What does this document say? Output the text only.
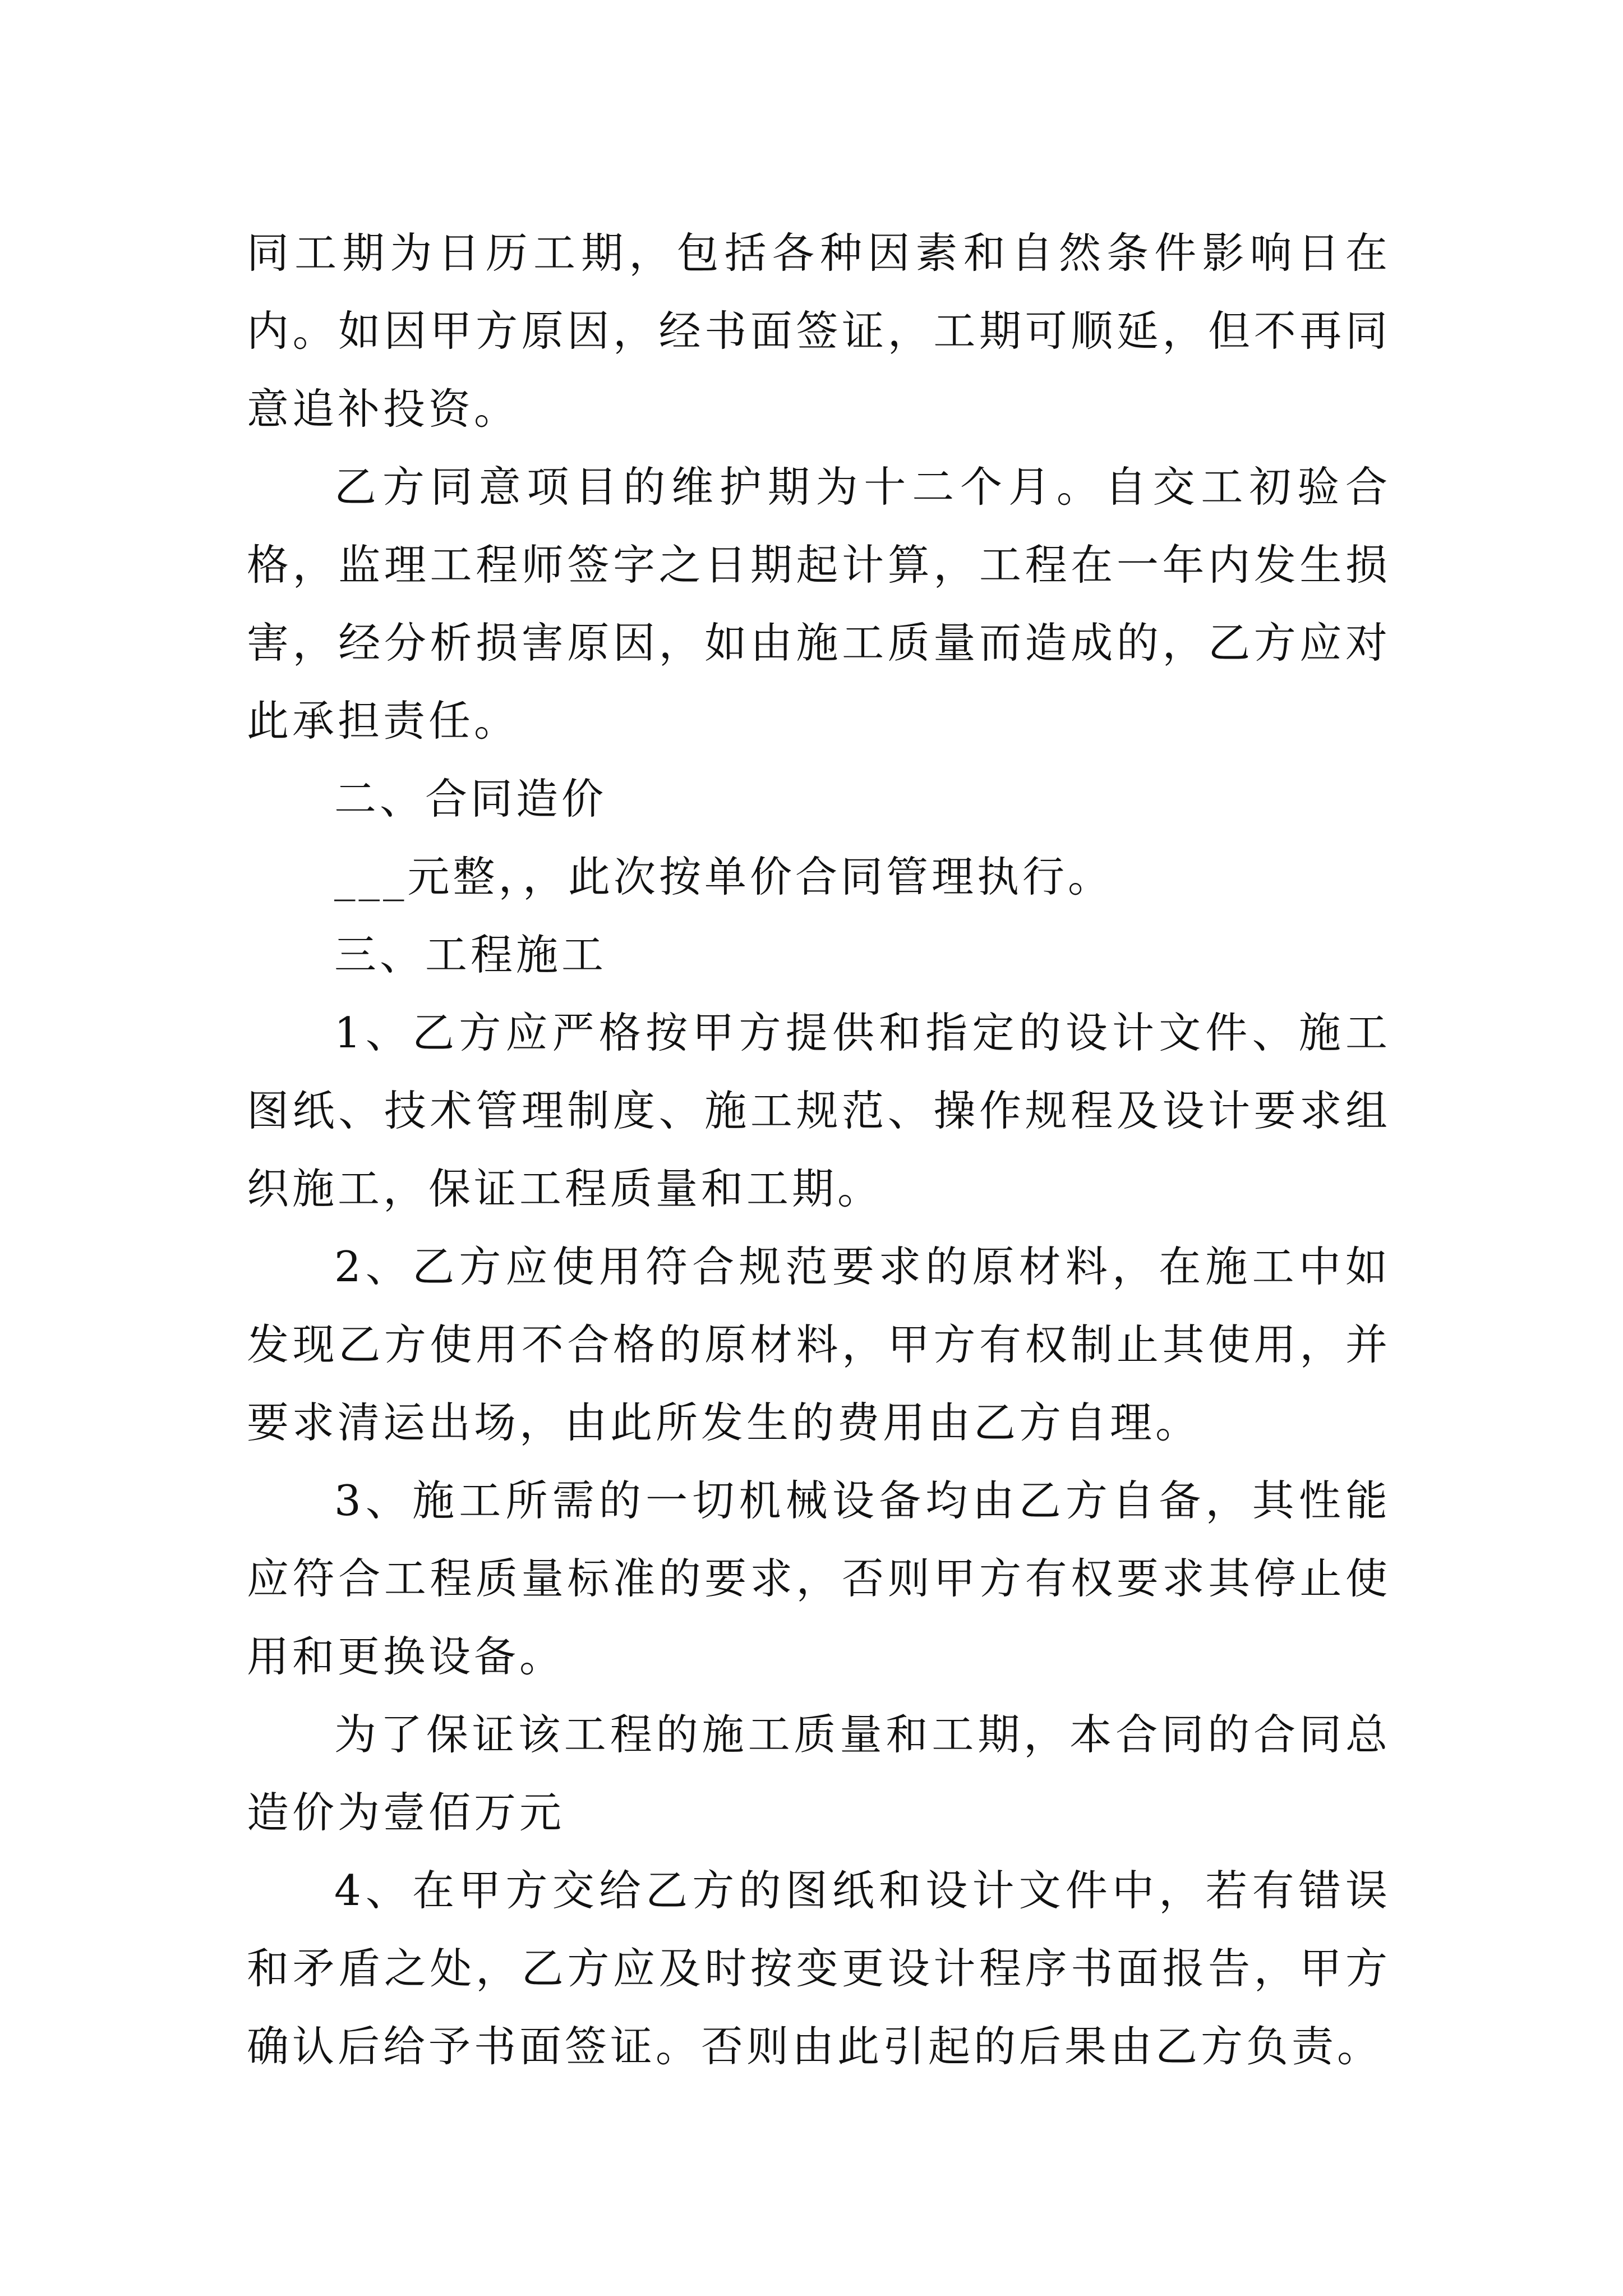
同工期为日历工期，包括各种因素和自然条件影响日在内。如因甲方原因，经书面签证，工期可顺延，但不再同意追补投资。

乙方同意项目的维护期为十二个月。自交工初验合格，监理工程师签字之日期起计算，工程在一年内发生损害，经分析损害原因，如由施工质量而造成的，乙方应对此承担责任。

二、合同造价

___元整，，此次按单价合同管理执行。

三、工程施工

1、乙方应严格按甲方提供和指定的设计文件、施工图纸、技术管理制度、施工规范、操作规程及设计要求组织施工，保证工程质量和工期。

2、乙方应使用符合规范要求的原材料，在施工中如发现乙方使用不合格的原材料，甲方有权制止其使用，并要求清运出场，由此所发生的费用由乙方自理。

3、施工所需的一切机械设备均由乙方自备，其性能应符合工程质量标准的要求，否则甲方有权要求其停止使用和更换设备。

为了保证该工程的施工质量和工期，本合同的合同总造价为壹佰万元

4、在甲方交给乙方的图纸和设计文件中，若有错误和矛盾之处，乙方应及时按变更设计程序书面报告，甲方确认后给予书面签证。否则由此引起的后果由乙方负责。
